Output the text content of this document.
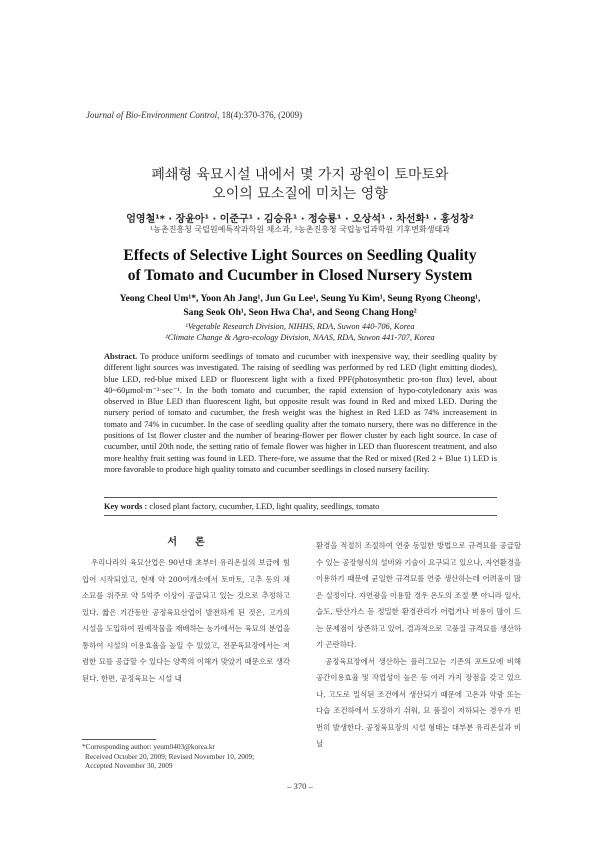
Journal of Bio-Environment Control, 18(4):370-376, (2009)
폐쇄형 육묘시설 내에서 몇 가지 광원이 토마토와
오이의 묘소질에 미치는 영향
엄영철¹* · 장윤아¹ · 이준구¹ · 김승유¹ · 정승룡¹ · 오상석¹ · 차선화¹ · 홍성창²
¹농촌진흥청 국립원예특작과학원 채소과, ²농촌진흥청 국립농업과학원 기후변화생태과
Effects of Selective Light Sources on Seedling Quality
of Tomato and Cucumber in Closed Nursery System
Yeong Cheol Um¹*, Yoon Ah Jang¹, Jun Gu Lee¹, Seung Yu Kim¹, Seung Ryong Cheong¹,
Sang Seok Oh¹, Seon Hwa Cha¹, and Seong Chang Hong²
¹Vegetable Research Division, NIHHS, RDA, Suwon 440-706, Korea
²Climate Change & Agro-ecology Division, NAAS, RDA, Suwon 441-707, Korea
Abstract. To produce uniform seedlings of tomato and cucumber with inexpensive way, their seedling quality by different light sources was investigated. The raising of seedling was performed by red LED (light emitting diodes), blue LED, red-blue mixed LED or fluorescent light with a fixed PPF(photosynthetic pro-ton flux) level, about 40~60µmol·m⁻²·sec⁻¹. In the both tomato and cucumber, the rapid extension of hypo-cotyledonary axis was observed in Blue LED than fluorescent light, but opposite result was found in Red and mixed LED. During the nursery period of tomato and cucumber, the fresh weight was the highest in Red LED as 74% increasement in tomato and 74% in cucumber. In the case of seedling quality after the tomato nursery, there was no difference in the positions of 1st flower cluster and the number of bearing-flower per flower cluster by each light source. In case of cucumber, until 20th node, the setting ratio of female flower was higher in LED than fluorescent treatment, and also more healthy fruit setting was found in LED. There-fore, we assume that the Red or mixed (Red 2 + Blue 1) LED is more favorable to produce high quality tomato and cucumber seedlings in closed nursery facility.
Key words : closed plant factory, cucumber, LED, light quality, seedlings, tomato
서론

우리나라의 육묘산업은 90년대 초부터 유리온실의 보급에 힘입어 시작되었고, 현재 약 200여개소에서 토마토, 고추 등의 채소묘를 위주로 약 5억주 이상이 공급되고 있는 것으로 추정하고 있다. 짧은 기간동안 공정육묘산업이 발전하게 된 것은, 고가의 시설을 도입하여 원예작물을 재배하는 농가에서는 육묘의 분업을 통하여 시설의 이용효율을 높일 수 있었고, 전문육묘장에서는 저렴한 묘를 공급할 수 있다는 양쪽의 이해가 맞았기 때문으로 생각된다. 한편, 공정육묘는 시설 내

환경을 적절히 조절하여 연중 동일한 방법으로 규격묘를 공급할 수 있는 공장형식의 설비와 기술이 요구되고 있으나, 자연환경을 이용하기 때문에 균일한 규격묘를 연중 생산하는데 어려움이 많은 실정이다. 자연광을 이용할 경우 온도의 조절 뿐 아니라 일사, 습도, 탄산가스 등 정밀한 환경관리가 어렵거나 비용이 많이 드는 문제점이 상존하고 있어, 결과적으로 고품질 규격묘를 생산하기 곤란하다.

공정육묘장에서 생산하는 플러그묘는 기존의 포트묘에 비해 공간이용효율 및 작업성이 높은 등 여러 가지 장점을 갖고 있으나, 고도로 밀식된 조건에서 생산되기 때문에 고온과 약광 또는 다습 조건하에서 도장하기 쉬워, 묘 품질이 저하되는 경우가 빈번히 발생한다. 공정육묘장의 시설 형태는 대부분 유리온실과 비닐

*Corresponding author: yeum0403@korea.kr
Received October 20, 2009; Revised November 10, 2009;
Accepted November 30, 2009
– 370 –
